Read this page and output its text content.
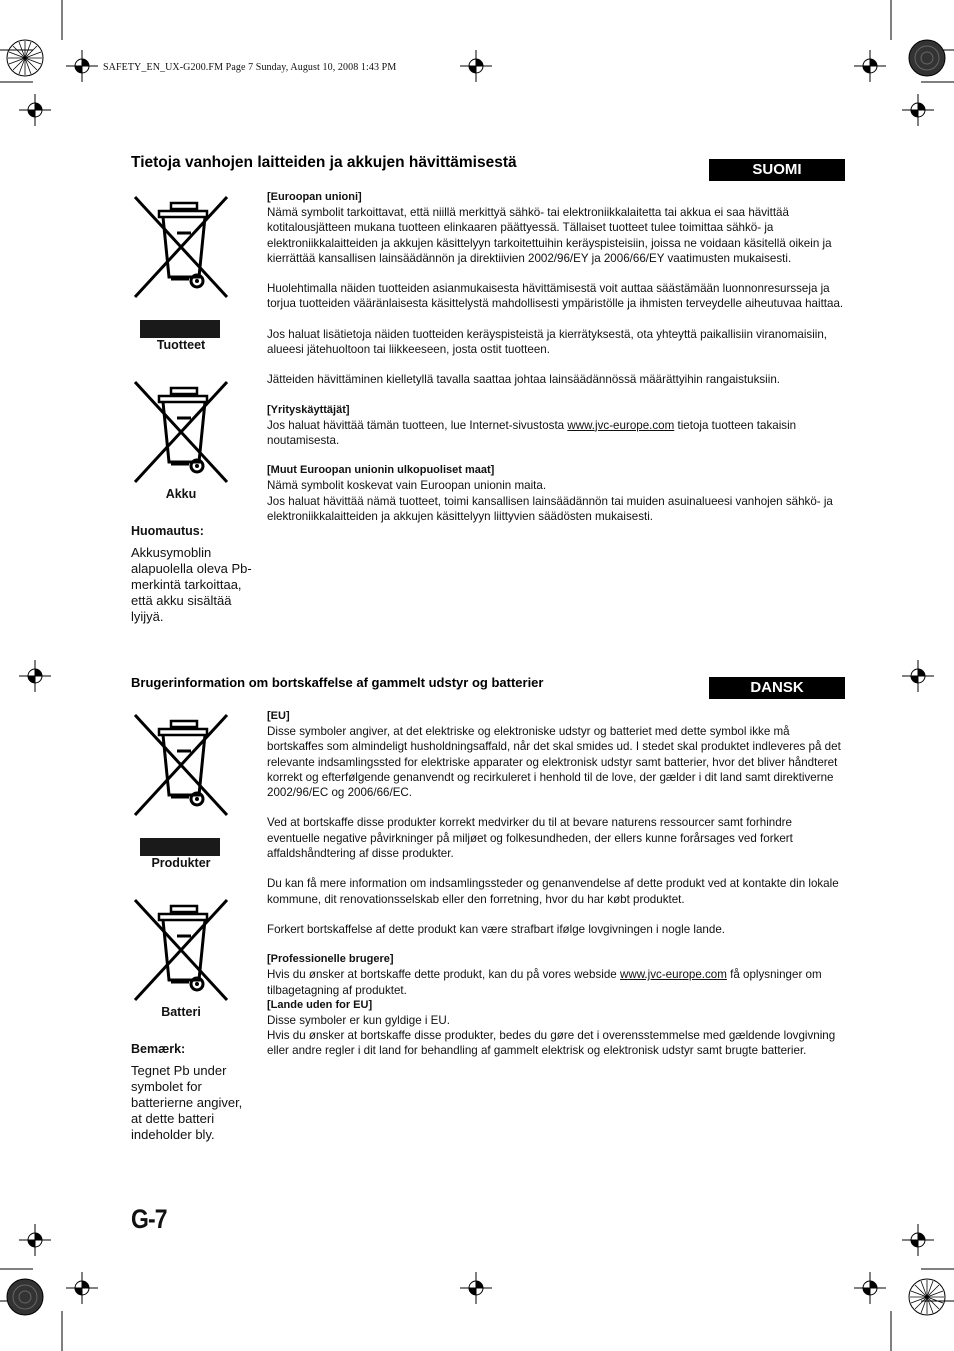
SAFETY_EN_UX-G200.FM Page 7 Sunday, August 10, 2008 1:43 PM
Tietoja vanhojen laitteiden ja akkujen hävittämisestä	SUOMI
Tuotteet
Akku
Huomautus:
Akkusymoblin alapuolella oleva Pb-merkintä tarkoittaa, että akku sisältää lyijyä.

[Euroopan unioni]

Nämä symbolit tarkoittavat, että niillä merkittyä sähkö- tai elektroniikkalaitetta tai akkua ei saa hävittää kotitalousjätteen mukana tuotteen elinkaaren päättyessä. Tällaiset tuotteet tulee toimittaa sähkö- ja elektroniikkalaitteiden ja akkujen käsittelyyn tarkoitettuihin keräyspisteisiin, joissa ne voidaan käsitellä oikein ja kierrättää kansallisen lainsäädännön ja direktiivien 2002/96/EY ja 2006/66/EY vaatimusten mukaisesti.

Huolehtimalla näiden tuotteiden asianmukaisesta hävittämisestä voit auttaa säästämään luonnonresursseja ja torjua tuotteiden vääränlaisesta käsittelystä mahdollisesti ympäristölle ja ihmisten terveydelle aiheutuvaa haittaa.

Jos haluat lisätietoja näiden tuotteiden keräyspisteistä ja kierrätyksestä, ota yhteyttä paikallisiin viranomaisiin, alueesi jätehuoltoon tai liikkeeseen, josta ostit tuotteen.

Jätteiden hävittäminen kielletyllä tavalla saattaa johtaa lainsäädännössä määrättyihin rangaistuksiin.

[Yrityskäyttäjät]

Jos haluat hävittää tämän tuotteen, lue Internet-sivustosta www.jvc-europe.com tietoja tuotteen takaisin noutamisesta.

[Muut Euroopan unionin ulkopuoliset maat]

Nämä symbolit koskevat vain Euroopan unionin maita.

Jos haluat hävittää nämä tuotteet, toimi kansallisen lainsäädännön tai muiden asuinalueesi vanhojen sähkö- ja elektroniikkalaitteiden ja akkujen käsittelyyn liittyvien säädösten mukaisesti.

Brugerinformation om bortskaffelse af gammelt udstyr og batterier	DANSK
Produkter
Batteri
Bemærk:
Tegnet Pb under symbolet for batterierne angiver, at dette batteri indeholder bly.

[EU]

Disse symboler angiver, at det elektriske og elektroniske udstyr og batteriet med dette symbol ikke må bortskaffes som almindeligt husholdningsaffald, når det skal smides ud. I stedet skal produktet indleveres på det relevante indsamlingssted for elektriske apparater og elektronisk udstyr samt batterier, hvor det bliver håndteret korrekt og efterfølgende genanvendt og recirkuleret i henhold til de love, der gælder i dit land samt direktiverne 2002/96/EC og 2006/66/EC.

Ved at bortskaffe disse produkter korrekt medvirker du til at bevare naturens ressourcer samt forhindre eventuelle negative påvirkninger på miljøet og folkesundheden, der ellers kunne forårsages ved forkert affaldshåndtering af disse produkter.

Du kan få mere information om indsamlingssteder og genanvendelse af dette produkt ved at kontakte din lokale kommune, dit renovationsselskab eller den forretning, hvor du har købt produktet.

Forkert bortskaffelse af dette produkt kan være strafbart ifølge lovgivningen i nogle lande.

[Professionelle brugere]

Hvis du ønsker at bortskaffe dette produkt, kan du på vores webside www.jvc-europe.com få oplysninger om tilbagetagning af produktet.

[Lande uden for EU]

Disse symboler er kun gyldige i EU.

Hvis du ønsker at bortskaffe disse produkter, bedes du gøre det i overensstemmelse med gældende lovgivning eller andre regler i dit land for behandling af gammelt elektrisk og elektronisk udstyr samt brugte batterier.

G-7
